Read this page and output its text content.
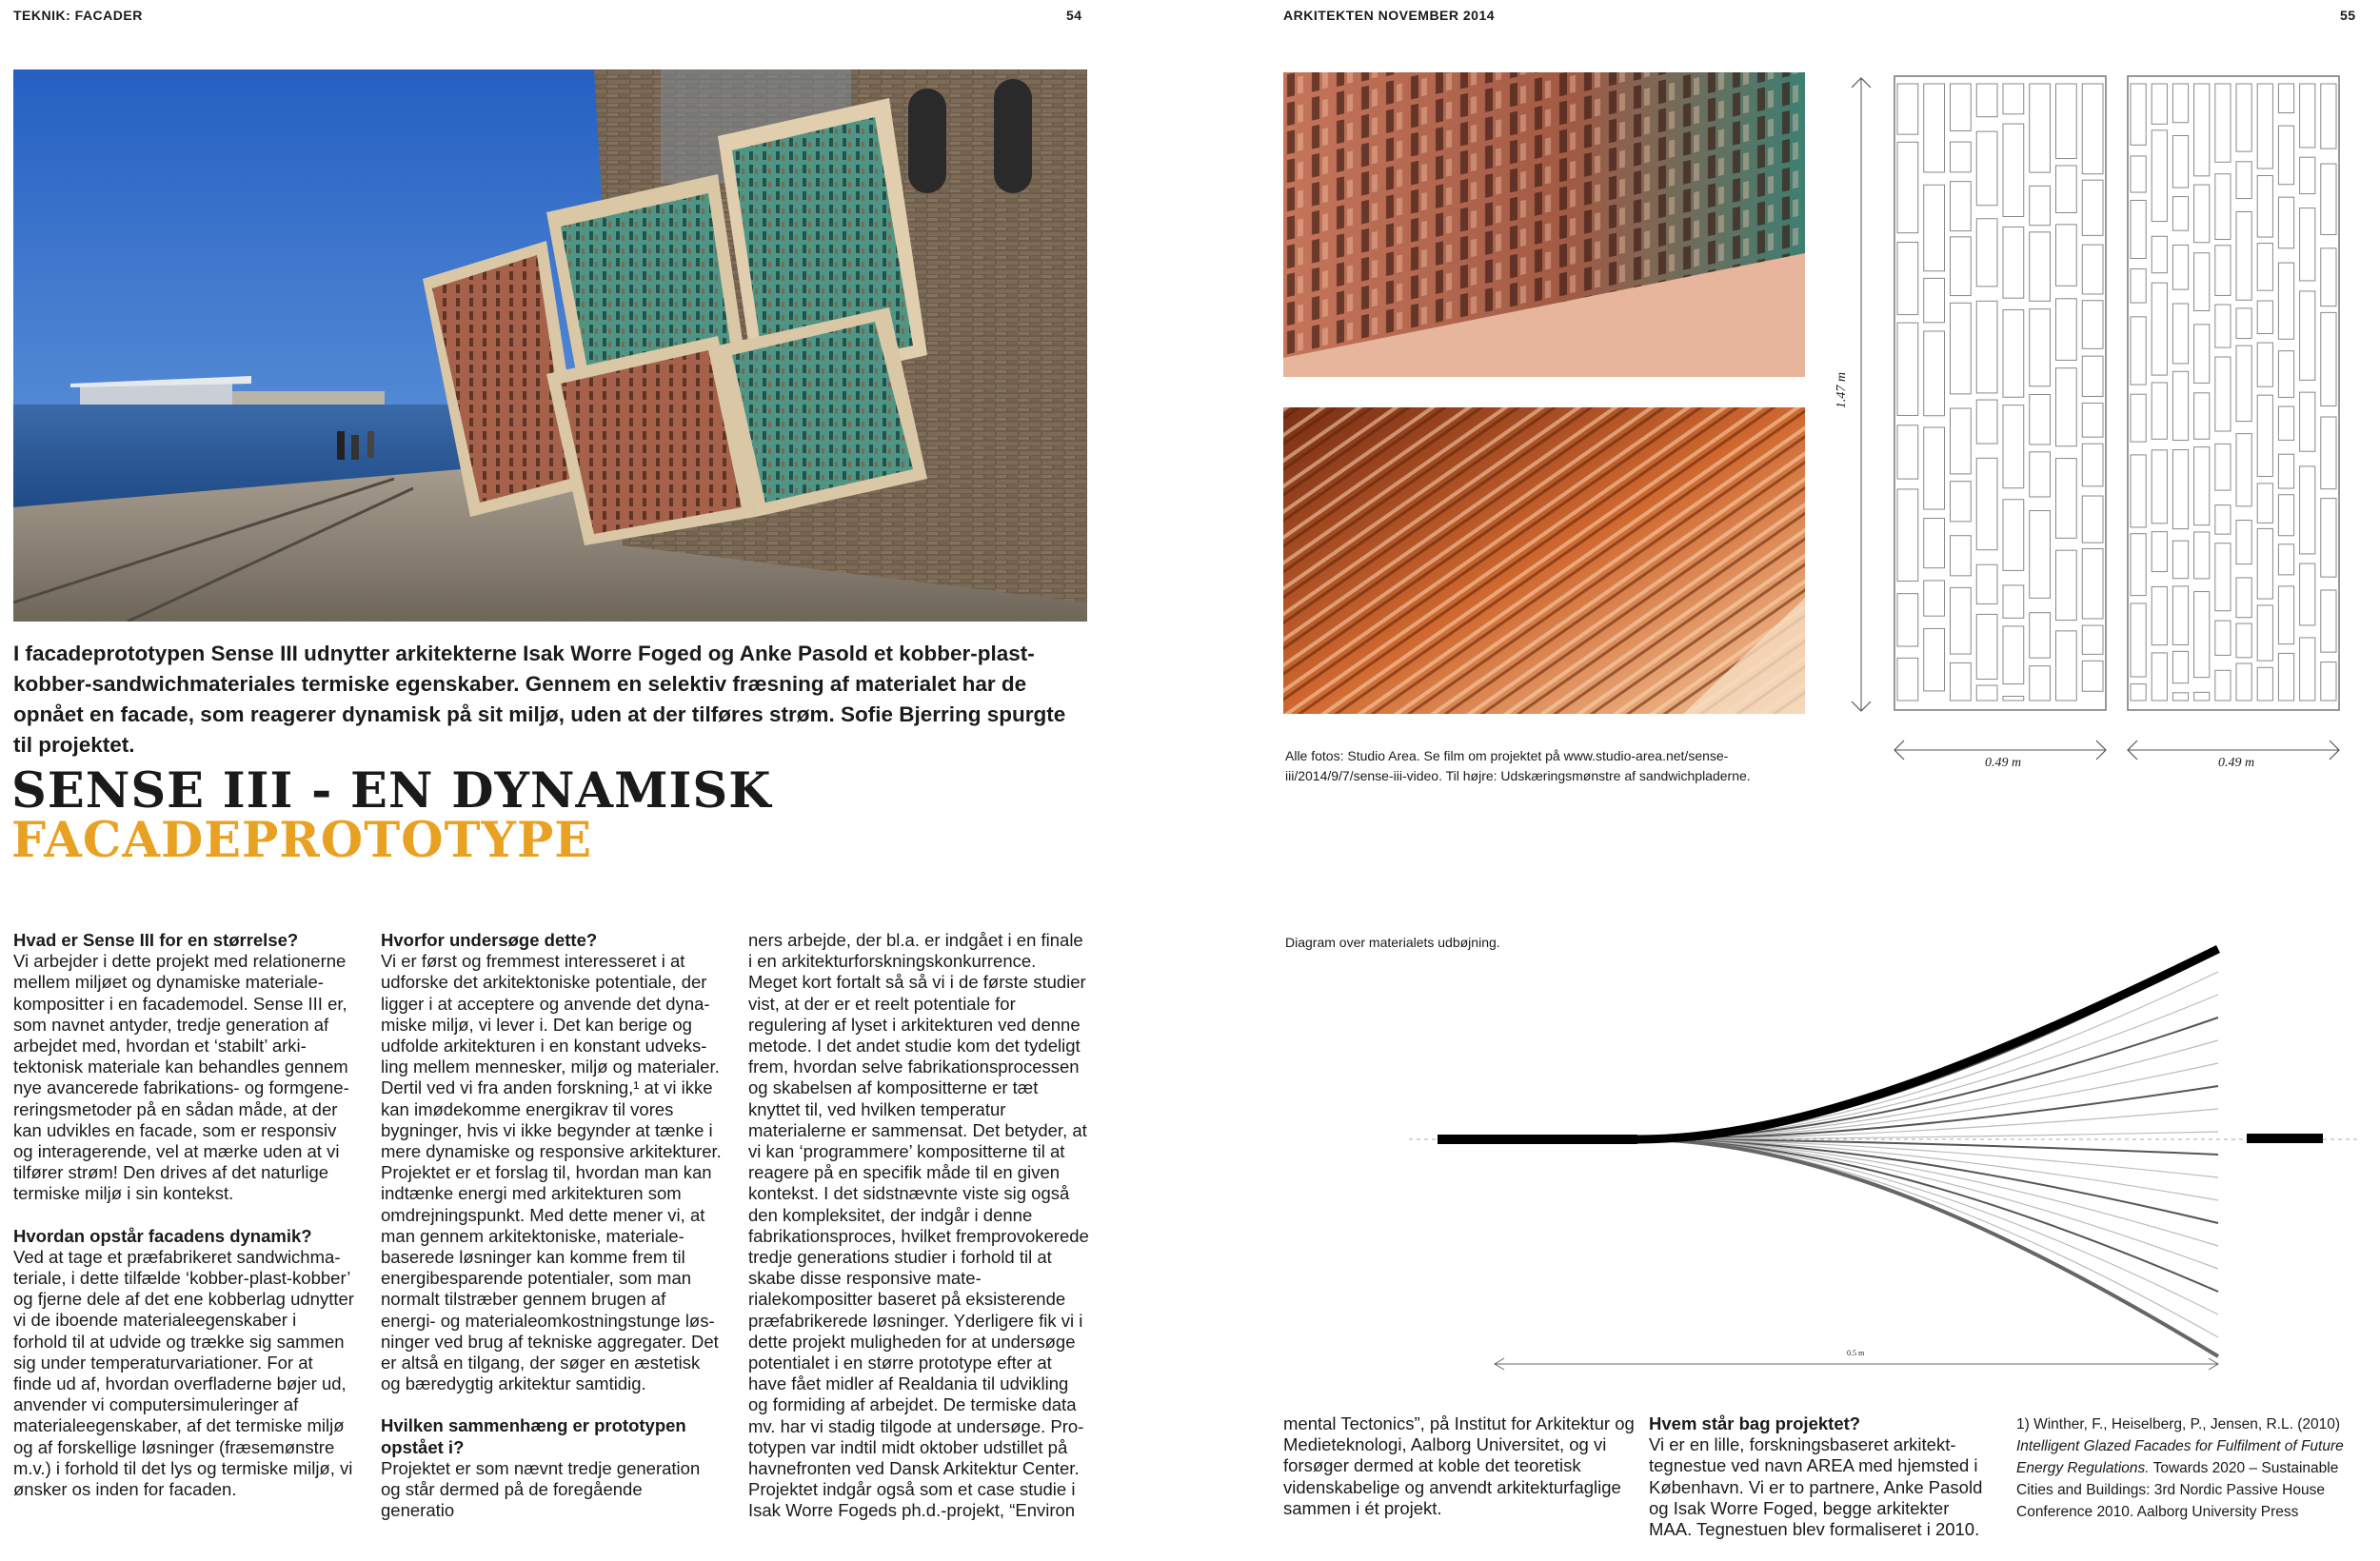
TEKNIK: FACADER	54

I facadeprototypen Sense III udnytter arkitekterne Isak Worre Foged og Anke Pasold et kobber-plast-kobber-sandwichmateriales termiske egenskaber. Gennem en selektiv fræsning af materialet har de opnået en facade, som reagerer dynamisk på sit miljø, uden at der tilføres strøm. Sofie Bjerring spurgte til projektet.

SENSE III - EN DYNAMISK
FACADEPROTOTYPE
Hvad er Sense III for en størrelse?

Vi arbejder i dette projekt med relationerne mellem miljøet og dynamiske materialekompositter i en facademodel. Sense III er, som navnet antyder, tredje generation af arbejdet med, hvordan et ‘stabilt’ arkitektonisk materiale kan behandles gennem nye avancerede fabrikations- og formgenereringsmetoder på en sådan måde, at der kan udvikles en facade, som er responsiv og interagerende, vel at mærke uden at vi tilfører strøm! Den drives af det naturlige termiske miljø i sin kontekst.

Hvordan opstår facadens dynamik?

Ved at tage et præfabrikeret sandwichmateriale, i dette tilfælde ‘kobber-plast-kobber’ og fjerne dele af det ene kobberlag udnytter vi de iboende materialeegenskaber i forhold til at udvide og trække sig sammen sig under temperaturvariationer. For at finde ud af, hvordan overfladerne bøjer ud, anvender vi computersimuleringer af materialeegenskaber, af det termiske miljø og af forskellige løsninger (fræsemønstre m.v.) i forhold til det lys og termiske miljø, vi ønsker os inden for facaden.

Hvorfor undersøge dette?

Vi er først og fremmest interesseret i at udforske det arkitektoniske potentiale, der ligger i at acceptere og anvende det dynamiske miljø, vi lever i. Det kan berige og udfolde arkitekturen i en konstant udveksling mellem mennesker, miljø og materialer. Dertil ved vi fra anden forskning,¹ at vi ikke kan imødekomme energikrav til vores bygninger, hvis vi ikke begynder at tænke i mere dynamiske og responsive arkitekturer. Projektet er et forslag til, hvordan man kan indtænke energi med arkitekturen som omdrejningspunkt. Med dette mener vi, at man gennem arkitektoniske, materiale-baserede løsninger kan komme frem til energibesparende potentialer, som man normalt tilstræber gennem brugen af energi- og materialeomkostningstunge løsninger ved brug af tekniske aggregater. Det er altså en tilgang, der søger en æstetisk og bæredygtig arkitektur samtidig.

Hvilken sammenhæng er prototypen opstået i?

Projektet er som nævnt tredje generation og står dermed på de foregående generatio

ners arbejde, der bl.a. er indgået i en finale i en arkitekturforskningskonkurrence. Meget kort fortalt så så vi i de første studier vist, at der er et reelt potentiale for regulering af lyset i arkitekturen ved denne metode. I det andet studie kom det tydeligt frem, hvordan selve fabrikationsprocessen og skabelsen af kompositterne er tæt knyttet til, ved hvilken temperatur materialerne er sammensat. Det betyder, at vi kan ‘programmere’ kompositterne til at reagere på en specifik måde til en given kontekst. I det sidstnævnte viste sig også den kompleksitet, der indgår i denne fabrikationsproces, hvilket fremprovokerede tredje generations studier i forhold til at skabe disse responsive materialekompositter baseret på eksisterende præfabrikerede løsninger. Yderligere fik vi i dette projekt muligheden for at undersøge potentialet i en større prototype efter at have fået midler af Realdania til udvikling og formiding af arbejdet. De termiske data mv. har vi stadig tilgode at undersøge. Prototypen var indtil midt oktober udstillet på havnefronten ved Dansk Arkitektur Center. Projektet indgår også som et case studie i Isak Worre Fogeds ph.d.-projekt, “Environ

ARKITEKTEN NOVEMBER 2014	55
Alle fotos: Studio Area. Se film om projektet på www.studio-area.net/sense-iii/2014/9/7/sense-iii-video. Til højre: Udskæringsmønstre af sandwichpladerne.
1.47 m
0.49 m	0.49 m
Diagram over materialets udbøjning.
0.5 m

mental Tectonics”, på Institut for Arkitektur og Medieteknologi, Aalborg Universitet, og vi forsøger dermed at koble det teoretisk videnskabelige og anvendt arkitekturfaglige sammen i ét projekt.

Hvem står bag projektet?

Vi er en lille, forskningsbaseret arkitekttegnestue ved navn AREA med hjemsted i København. Vi er to partnere, Anke Pasold og Isak Worre Foged, begge arkitekter MAA. Tegnestuen blev formaliseret i 2010.

1) Winther, F., Heiselberg, P., Jensen, R.L. (2010)
Intelligent Glazed Facades for Fulfilment of Future Energy Regulations. Towards 2020 – Sustainable Cities and Buildings: 3rd Nordic Passive House Conference 2010. Aalborg University Press
